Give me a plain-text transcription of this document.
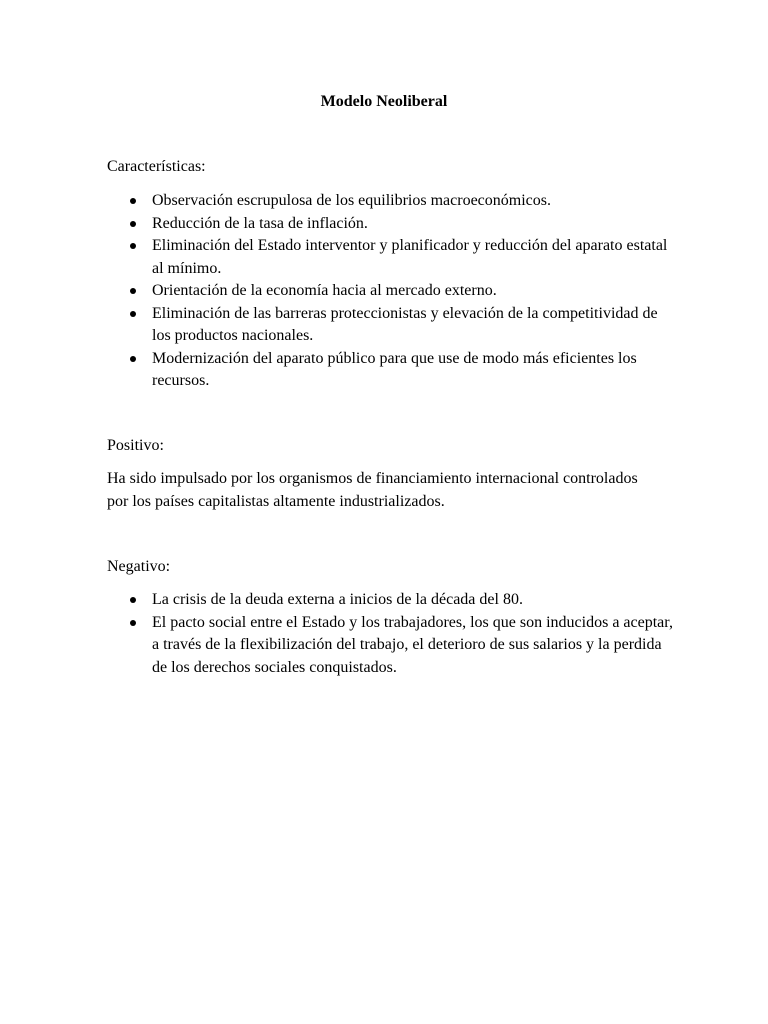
Modelo Neoliberal

Características:

Observación escrupulosa de los equilibrios macroeconómicos.
Reducción de la tasa de inflación.
Eliminación del Estado interventor y planificador y reducción del aparato estatal al mínimo.
Orientación de la economía hacia al mercado externo.
Eliminación de las barreras proteccionistas y elevación de la competitividad de los productos nacionales.
Modernización del aparato público para que use de modo más eficientes los recursos.

Positivo:

Ha sido impulsado por los organismos de financiamiento internacional controlados por los países capitalistas altamente industrializados.

Negativo:

La crisis de la deuda externa a inicios de la década del 80.
El pacto social entre el Estado y los trabajadores, los que son inducidos a aceptar, a través de la flexibilización del trabajo, el deterioro de sus salarios y la perdida de los derechos sociales conquistados.
